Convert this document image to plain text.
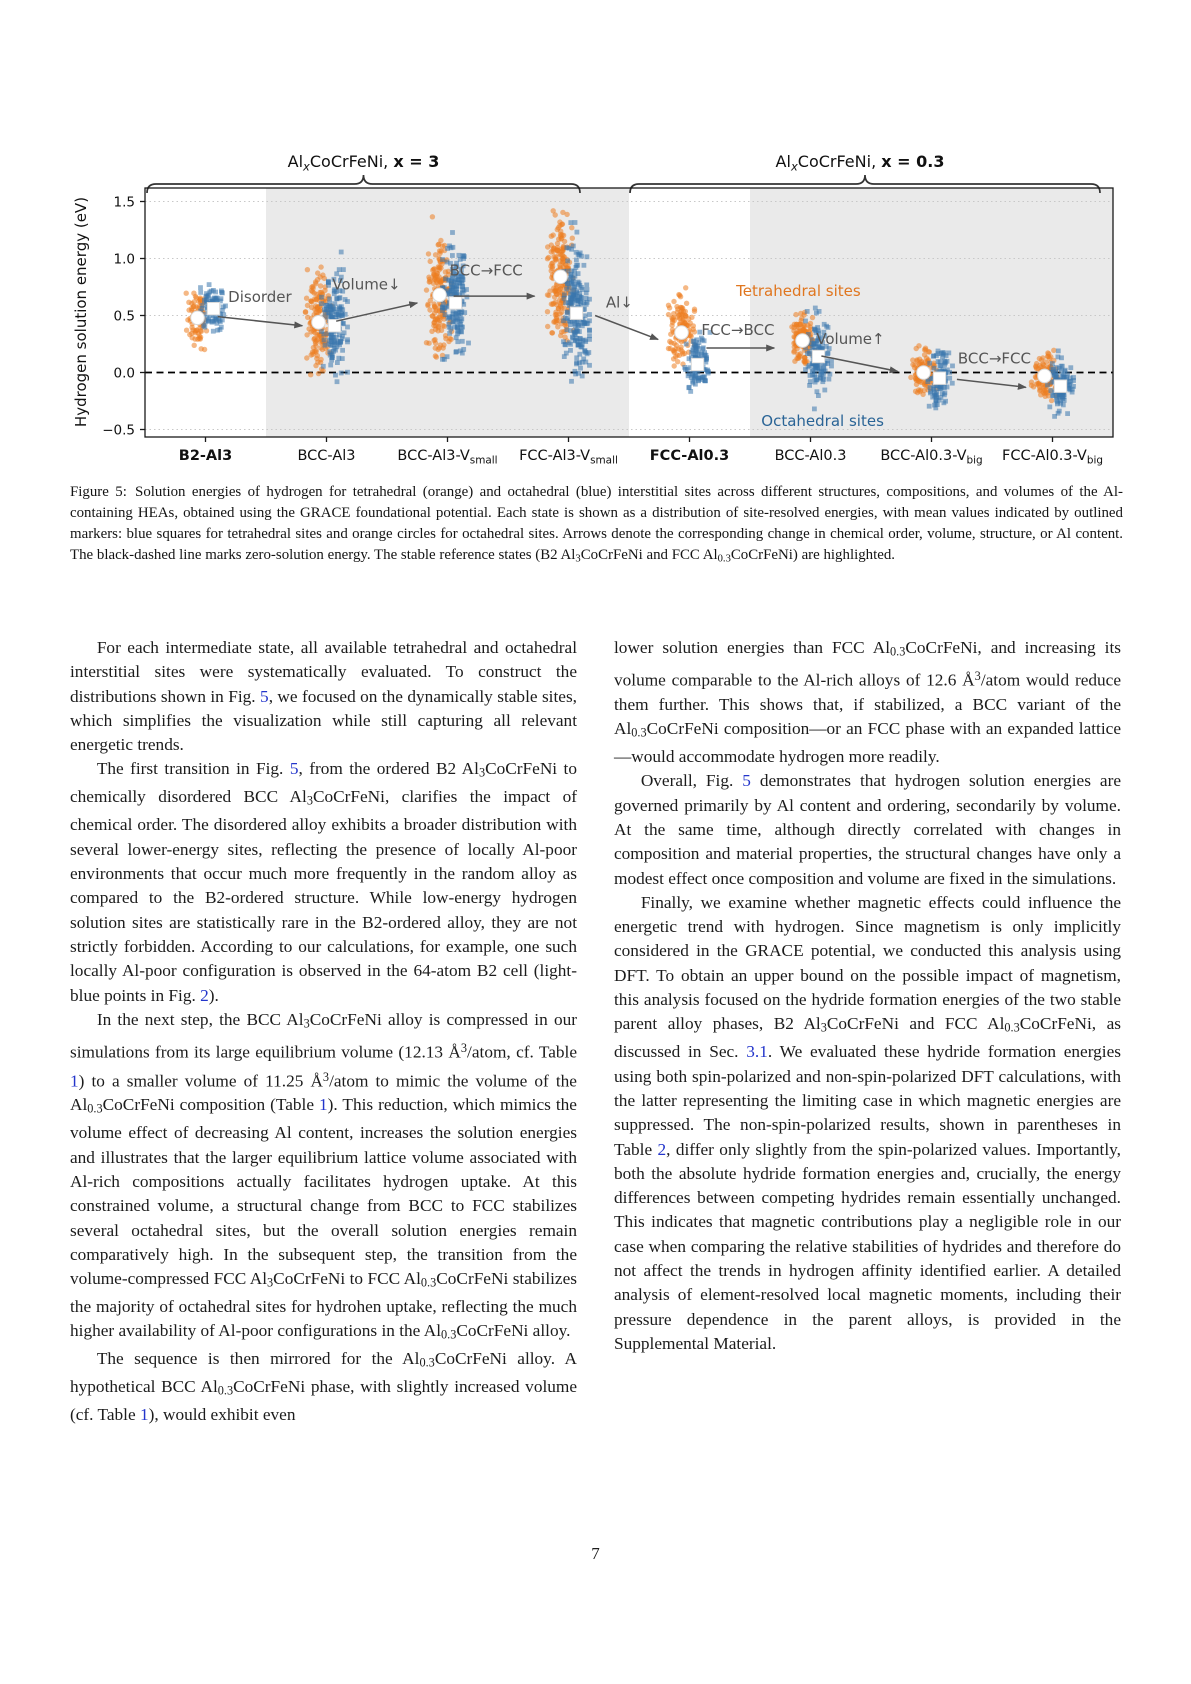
$Al_xCoCrFeNi$, x = 3	$Al_xCoCrFeNi$, x = 0.3
Disorder
Volume↓
BCC→FCC
Al↓
FCC→BCC
Volume↑
BCC→FCC
Tetrahedral sites
Octahedral sites
1.5
1.0
0.5
0.0
−0.5
B2-Al3	BCC-Al3	BCC-$Al3-V_{small}$ FCC-$Al3-V_{small}$ FCC-Al0.3	BCC-Al0.3 BCC-$Al0.3-V_{big}$ FCC-$Al0.3-V_{big}$
Hydrogen solution energy (eV)
Figure 5: Solution energies of hydrogen for tetrahedral (orange) and octahedral (blue) interstitial sites across different structures, compositions, and volumes of the Al-containing HEAs, obtained using the GRACE foundational potential. Each state is shown as a distribution of site-resolved energies, with mean values indicated by outlined markers: blue squares for tetrahedral sites and orange circles for octahedral sites. Arrows denote the corresponding change in chemical order, volume, structure, or Al content. The black-dashed line marks zero-solution energy. The stable reference states (B2 Al3CoCrFeNi and FCC Al0.3CoCrFeNi) are highlighted.

For each intermediate state, all available tetrahedral and octahedral interstitial sites were systematically evaluated. To construct the distributions shown in Fig. 5, we focused on the dynamically stable sites, which simplifies the visualization while still capturing all relevant energetic trends.

The first transition in Fig. 5, from the ordered B2 Al3CoCrFeNi to chemically disordered BCC Al3CoCrFeNi, clarifies the impact of chemical order. The disordered alloy exhibits a broader distribution with several lower-energy sites, reflecting the presence of locally Al-poor environments that occur much more frequently in the random alloy as compared to the B2-ordered structure. While low-energy hydrogen solution sites are statistically rare in the B2-ordered alloy, they are not strictly forbidden. According to our calculations, for example, one such locally Al-poor configuration is observed in the 64-atom B2 cell (light-blue points in Fig. 2).

In the next step, the BCC Al3CoCrFeNi alloy is compressed in our simulations from its large equilibrium volume (12.13 $Å^3$/atom, cf. Table 1) to a smaller volume of 11.25 $Å^3$/atom to mimic the volume of the Al0.3CoCrFeNi composition (Table 1). This reduction, which mimics the volume effect of decreasing Al content, increases the solution energies and illustrates that the larger equilibrium lattice volume associated with Al-rich compositions actually facilitates hydrogen uptake. At this constrained volume, a structural change from BCC to FCC stabilizes several octahedral sites, but the overall solution energies remain comparatively high. In the subsequent step, the transition from the volume-compressed FCC Al3CoCrFeNi to FCC Al0.3CoCrFeNi stabilizes the majority of octahedral sites for hydrohen uptake, reflecting the much higher availability of Al-poor configurations in the Al0.3CoCrFeNi alloy.

The sequence is then mirrored for the Al0.3CoCrFeNi alloy. A hypothetical BCC Al0.3CoCrFeNi phase, with slightly increased volume (cf. Table 1), would exhibit even

lower solution energies than FCC Al0.3CoCrFeNi, and increasing its volume comparable to the Al-rich alloys of 12.6 $Å^3$/atom would reduce them further. This shows that, if stabilized, a BCC variant of the Al0.3CoCrFeNi composition—or an FCC phase with an expanded lattice—would accommodate hydrogen more readily.

Overall, Fig. 5 demonstrates that hydrogen solution energies are governed primarily by Al content and ordering, secondarily by volume. At the same time, although directly correlated with changes in composition and material properties, the structural changes have only a modest effect once composition and volume are fixed in the simulations.

Finally, we examine whether magnetic effects could influence the energetic trend with hydrogen. Since magnetism is only implicitly considered in the GRACE potential, we conducted this analysis using DFT. To obtain an upper bound on the possible impact of magnetism, this analysis focused on the hydride formation energies of the two stable parent alloy phases, B2 Al3CoCrFeNi and FCC Al0.3CoCrFeNi, as discussed in Sec. 3.1. We evaluated these hydride formation energies using both spin-polarized and non-spin-polarized DFT calculations, with the latter representing the limiting case in which magnetic energies are suppressed. The non-spin-polarized results, shown in parentheses in Table 2, differ only slightly from the spin-polarized values. Importantly, both the absolute hydride formation energies and, crucially, the energy differences between competing hydrides remain essentially unchanged. This indicates that magnetic contributions play a negligible role in our case when comparing the relative stabilities of hydrides and therefore do not affect the trends in hydrogen affinity identified earlier. A detailed analysis of element-resolved local magnetic moments, including their pressure dependence in the parent alloys, is provided in the Supplemental Material.

7
